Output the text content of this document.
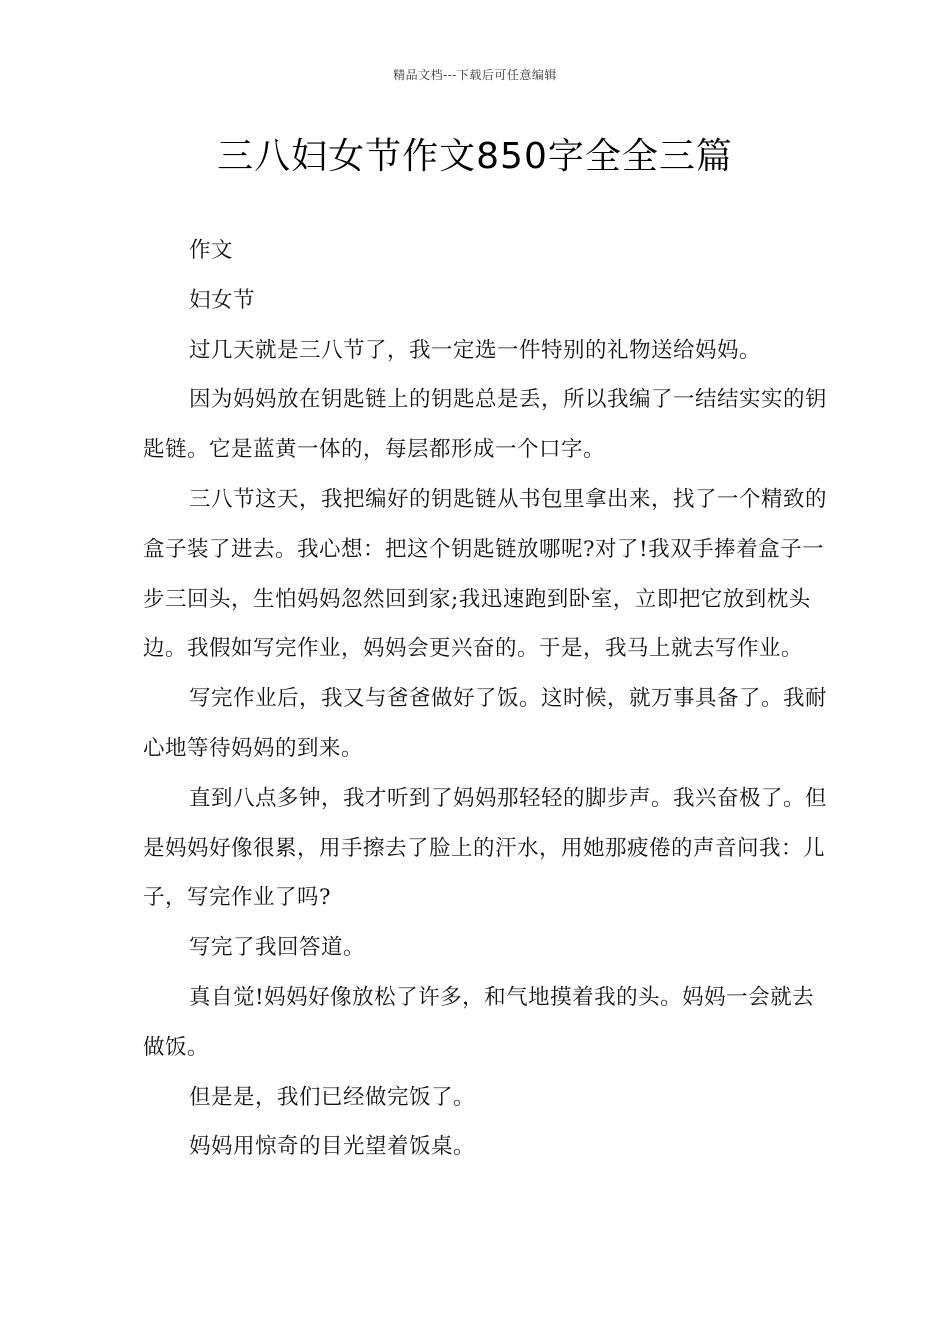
精品文档---下载后可任意编辑
三八妇女节作文850字全全三篇

作文

妇女节

过几天就是三八节了，我一定选一件特别的礼物送给妈妈。

因为妈妈放在钥匙链上的钥匙总是丢，所以我编了一结结实实的钥匙链。它是蓝黄一体的，每层都形成一个口字。

三八节这天，我把编好的钥匙链从书包里拿出来，找了一个精致的盒子装了进去。我心想：把这个钥匙链放哪呢?对了!我双手捧着盒子一步三回头，生怕妈妈忽然回到家;我迅速跑到卧室，立即把它放到枕头边。我假如写完作业，妈妈会更兴奋的。于是，我马上就去写作业。

写完作业后，我又与爸爸做好了饭。这时候，就万事具备了。我耐心地等待妈妈的到来。

直到八点多钟，我才听到了妈妈那轻轻的脚步声。我兴奋极了。但是妈妈好像很累，用手擦去了脸上的汗水，用她那疲倦的声音问我：儿子，写完作业了吗?

写完了我回答道。

真自觉!妈妈好像放松了许多，和气地摸着我的头。妈妈一会就去做饭。

但是是，我们已经做完饭了。

妈妈用惊奇的目光望着饭桌。
